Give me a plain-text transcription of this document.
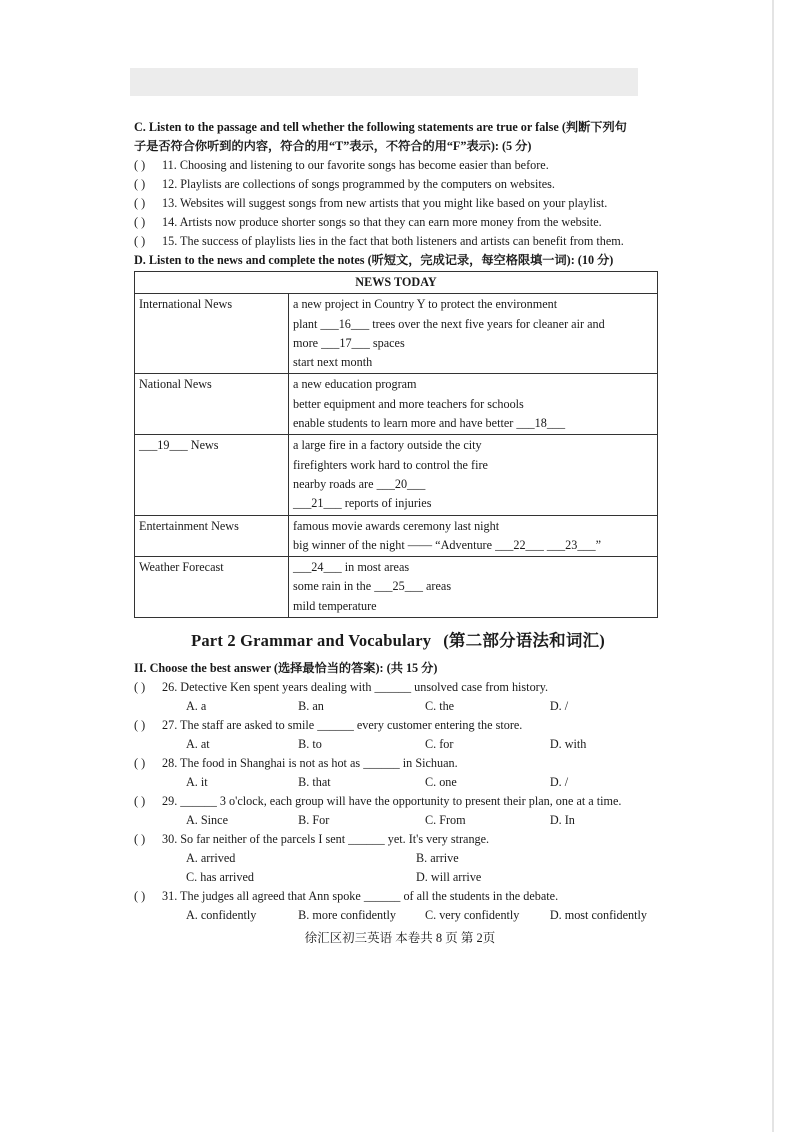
C. Listen to the passage and tell whether the following statements are true or false (判断下列句
子是否符合你听到的内容，符合的用“T”表示，不符合的用“F”表示): (5 分)
( )	11. Choosing and listening to our favorite songs has become easier than before.
( )	12. Playlists are collections of songs programmed by the computers on websites.
( )	13. Websites will suggest songs from new artists that you might like based on your playlist.
( )	14. Artists now produce shorter songs so that they can earn more money from the website.
( )	15. The success of playlists lies in the fact that both listeners and artists can benefit from them.
D. Listen to the news and complete the notes (听短文，完成记录，每空格限填一词): (10 分)
NEWS TODAY	
International News	a new project in Country Y to protect the environment
plant ___16___ trees over the next five years for cleaner air and
more ___17___ spaces
start next month

National News	a new education program
better equipment and more teachers for schools
enable students to learn more and have better ___18___

___19___ News	a large fire in a factory outside the city
firefighters work hard to control the fire
nearby roads are ___20___
___21___ reports of injuries

Entertainment News	famous movie awards ceremony last night
big winner of the night —— “Adventure ___22___ ___23___”

Weather Forecast	___24___ in most areas
some rain in the ___25___ areas
mild temperature
Part 2 Grammar and Vocabulary (第二部分语法和词汇)
II. Choose the best answer (选择最恰当的答案): (共 15 分)
( )	26. Detective Ken spent years dealing with ______ unsolved case from history.
A. a	B. an	C. the	D. /
( )	27. The staff are asked to smile ______ every customer entering the store.
A. at	B. to	C. for	D. with
( )	28. The food in Shanghai is not as hot as ______ in Sichuan.
A. it	B. that	C. one	D. /
( )	29. ______ 3 o'clock, each group will have the opportunity to present their plan, one at a time.
A. Since	B. For	C. From	D. In
( )	30. So far neither of the parcels I sent ______ yet. It's very strange.
A. arrived	B. arrive
C. has arrived	D. will arrive
( )	31. The judges all agreed that Ann spoke ______ of all the students in the debate.
A. confidently	B. more confidently	C. very confidently	D. most confidently
徐汇区初三英语 本卷共 8 页 第 2页
